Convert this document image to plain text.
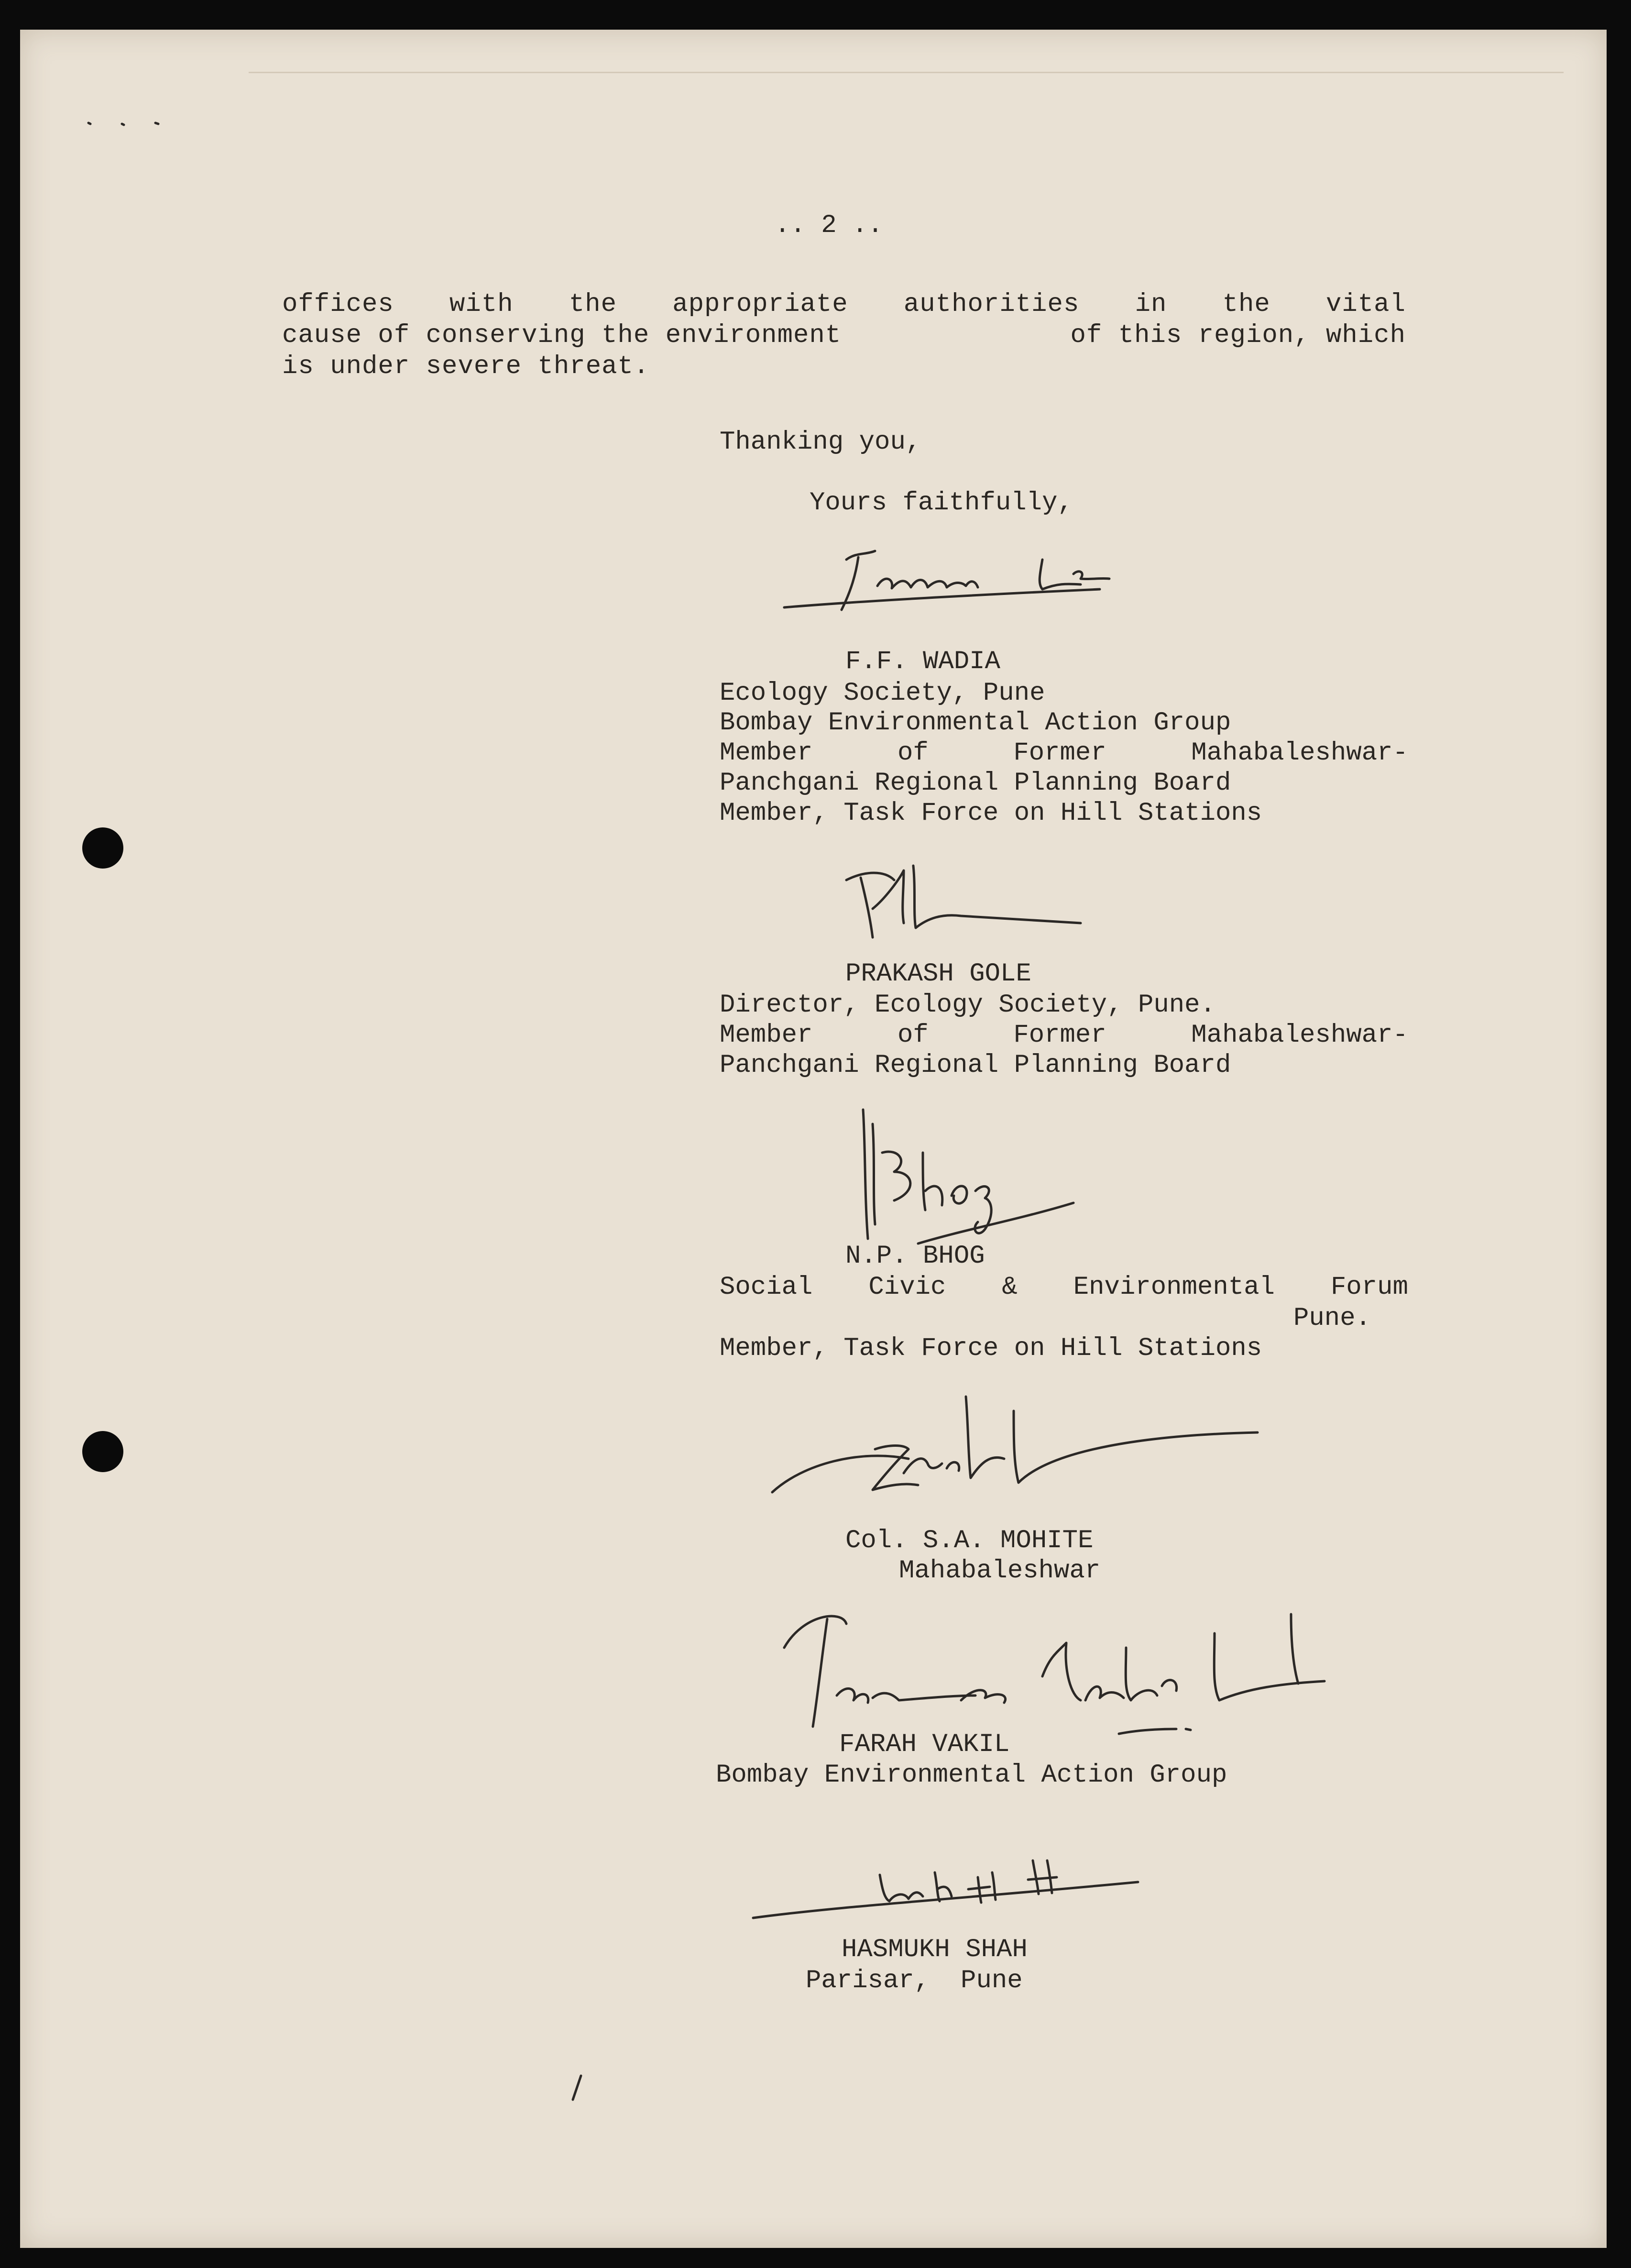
.. 2 ..
offices with the appropriate authorities in the vital
cause of conserving the environment	of this region, which
is under severe threat.
Thanking you,
Yours faithfully,
F.F. WADIA
Ecology Society, Pune
Bombay Environmental Action Group
Member	of	Former	Mahabaleshwar-
Panchgani Regional Planning Board
Member, Task Force on Hill Stations
PRAKASH GOLE
Director, Ecology Society, Pune.
Member	of	Former	Mahabaleshwar-
Panchgani Regional Planning Board
N.P. BHOG
Social Civic & Environmental Forum
Pune.
Member, Task Force on Hill Stations
Col. S.A. MOHITE
Mahabaleshwar
FARAH VAKIL
Bombay Environmental Action Group
HASMUKH SHAH
Parisar,  Pune
